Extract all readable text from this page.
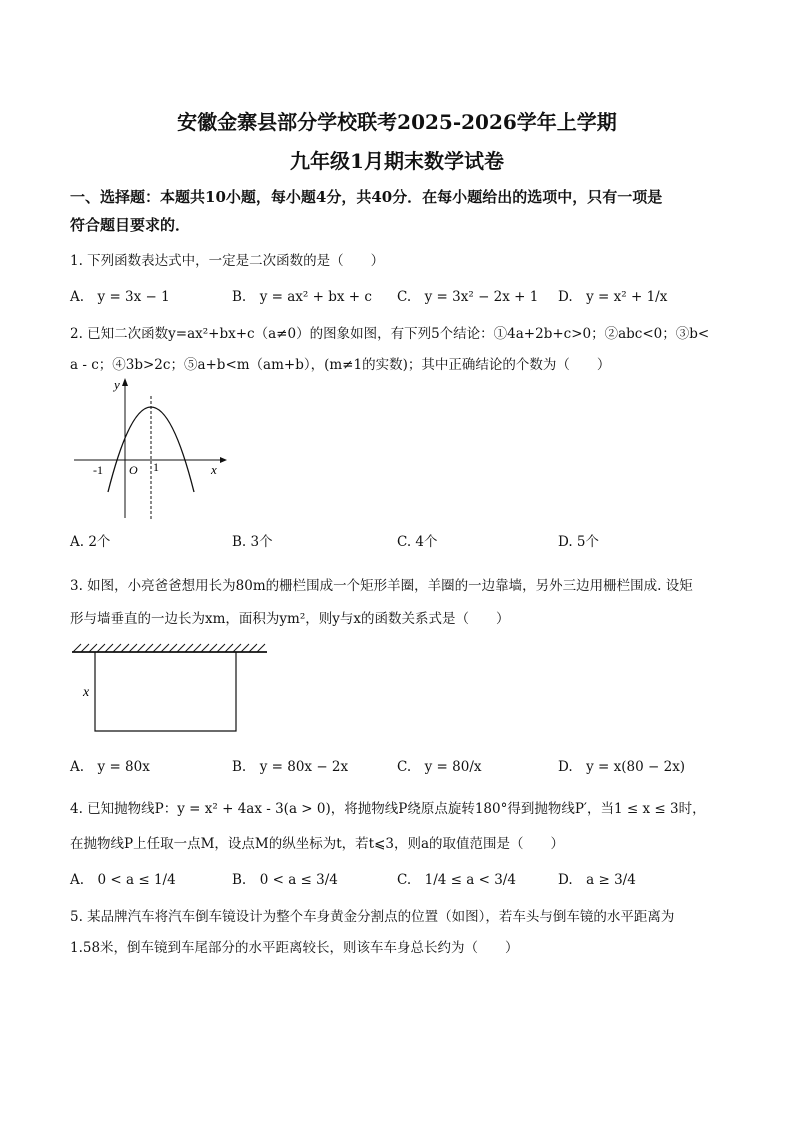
安徽金寨县部分学校联考2025-2026学年上学期
九年级1月期末数学试卷
一、选择题：本题共10小题，每小题4分，共40分．在每小题给出的选项中，只有一项是
符合题目要求的．
1. 下列函数表达式中，一定是二次函数的是（　　）
A.　y = 3x − 1	B.　y = ax² + bx + c C.　y = 3x² − 2x + 1 D.　y = x² + 1/x
2. 已知二次函数y=ax²+bx+c（a≠0）的图象如图，有下列5个结论：①4a+2b+c>0；②abc<0；③b<
a - c；④3b>2c；⑤a+b<m（am+b），(m≠1的实数)；其中正确结论的个数为（　　）
y
x
O
-1	1
A. 2个	B. 3个	C. 4个	D. 5个
3. 如图，小亮爸爸想用长为80m的栅栏围成一个矩形羊圈，羊圈的一边靠墙，另外三边用栅栏围成. 设矩
形与墙垂直的一边长为xm，面积为ym²，则y与x的函数关系式是（　　）
x
A.　y = 80x	B.　y = 80x − 2x	C.　y = 80/x	D.　y = x(80 − 2x)
4. 已知抛物线P：y = x² + 4ax - 3(a > 0)，将抛物线P绕原点旋转180°得到抛物线P′，当1 ≤ x ≤ 3时，
在抛物线P上任取一点M，设点M的纵坐标为t，若t⩽3，则a的取值范围是（　　）
A.　0 < a ≤ 1/4	B.　0 < a ≤ 3/4	C.　1/4 ≤ a < 3/4	D.　a ≥ 3/4
5. 某品牌汽车将汽车倒车镜设计为整个车身黄金分割点的位置（如图），若车头与倒车镜的水平距离为
1.58米，倒车镜到车尾部分的水平距离较长，则该车车身总长约为（　　）
